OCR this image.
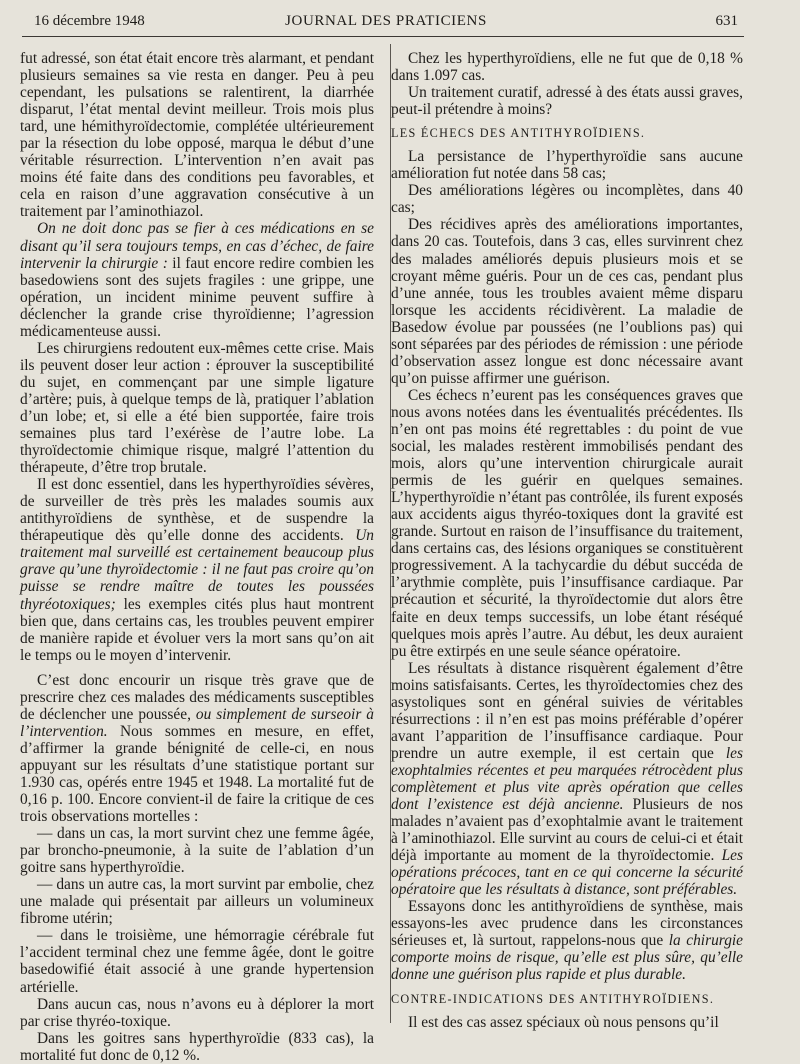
16 décembre 1948	JOURNAL DES PRATICIENS	631

fut adressé, son état était encore très alarmant, et pendant plusieurs semaines sa vie resta en danger. Peu à peu cependant, les pulsations se ralentirent, la diarrhée disparut, l’état mental devint meilleur. Trois mois plus tard, une hémithyroïdectomie, complétée ultérieurement par la résection du lobe opposé, marqua le début d’une véritable résurrection. L’intervention n’en avait pas moins été faite dans des conditions peu favorables, et cela en raison d’une aggravation consécutive à un traitement par l’aminothiazol.

On ne doit donc pas se fier à ces médications en se disant qu’il sera toujours temps, en cas d’échec, de faire intervenir la chirurgie : il faut encore redire combien les basedowiens sont des sujets fragiles : une grippe, une opération, un incident minime peuvent suffire à déclencher la grande crise thyroïdienne; l’agression médicamenteuse aussi.

Les chirurgiens redoutent eux-mêmes cette crise. Mais ils peuvent doser leur action : éprouver la susceptibilité du sujet, en commençant par une simple ligature d’artère; puis, à quelque temps de là, pratiquer l’ablation d’un lobe; et, si elle a été bien supportée, faire trois semaines plus tard l’exérèse de l’autre lobe. La thyroïdectomie chimique risque, malgré l’attention du thérapeute, d’être trop brutale.

Il est donc essentiel, dans les hyperthyroïdies sévères, de surveiller de très près les malades soumis aux antithyroïdiens de synthèse, et de suspendre la thérapeutique dès qu’elle donne des accidents. Un traitement mal surveillé est certainement beaucoup plus grave qu’une thyroïdectomie : il ne faut pas croire qu’on puisse se rendre maître de toutes les poussées thyréotoxiques; les exemples cités plus haut montrent bien que, dans certains cas, les troubles peuvent empirer de manière rapide et évoluer vers la mort sans qu’on ait le temps ou le moyen d’intervenir.

C’est donc encourir un risque très grave que de prescrire chez ces malades des médicaments susceptibles de déclencher une poussée, ou simplement de surseoir à l’intervention. Nous sommes en mesure, en effet, d’affirmer la grande bénignité de celle-ci, en nous appuyant sur les résultats d’une statistique portant sur 1.930 cas, opérés entre 1945 et 1948. La mortalité fut de 0,16 p. 100. Encore convient-il de faire la critique de ces trois observations mortelles :

— dans un cas, la mort survint chez une femme âgée, par broncho-pneumonie, à la suite de l’ablation d’un goitre sans hyperthyroïdie.

— dans un autre cas, la mort survint par embolie, chez une malade qui présentait par ailleurs un volumineux fibrome utérin;

— dans le troisième, une hémorragie cérébrale fut l’accident terminal chez une femme âgée, dont le goitre basedowifié était associé à une grande hypertension artérielle.

Dans aucun cas, nous n’avons eu à déplorer la mort par crise thyréo-toxique.

Dans les goitres sans hyperthyroïdie (833 cas), la mortalité fut donc de 0,12 %.

Chez les hyperthyroïdiens, elle ne fut que de 0,18 % dans 1.097 cas.

Un traitement curatif, adressé à des états aussi graves, peut-il prétendre à moins?

LES ÉCHECS DES ANTITHYROÏDIENS.

La persistance de l’hyperthyroïdie sans aucune amélioration fut notée dans 58 cas;

Des améliorations légères ou incomplètes, dans 40 cas;

Des récidives après des améliorations importantes, dans 20 cas. Toutefois, dans 3 cas, elles survinrent chez des malades améliorés depuis plusieurs mois et se croyant même guéris. Pour un de ces cas, pendant plus d’une année, tous les troubles avaient même disparu lorsque les accidents récidivèrent. La maladie de Basedow évolue par poussées (ne l’oublions pas) qui sont séparées par des périodes de rémission : une période d’observation assez longue est donc nécessaire avant qu’on puisse affirmer une guérison.

Ces échecs n’eurent pas les conséquences graves que nous avons notées dans les éventualités précédentes. Ils n’en ont pas moins été regrettables : du point de vue social, les malades restèrent immobilisés pendant des mois, alors qu’une intervention chirurgicale aurait permis de les guérir en quelques semaines. L’hyperthyroïdie n’étant pas contrôlée, ils furent exposés aux accidents aigus thyréo-toxiques dont la gravité est grande. Surtout en raison de l’insuffisance du traitement, dans certains cas, des lésions organiques se constituèrent progressivement. A la tachycardie du début succéda de l’arythmie complète, puis l’insuffisance cardiaque. Par précaution et sécurité, la thyroïdectomie dut alors être faite en deux temps successifs, un lobe étant réséqué quelques mois après l’autre. Au début, les deux auraient pu être extirpés en une seule séance opératoire.

Les résultats à distance risquèrent également d’être moins satisfaisants. Certes, les thyroïdectomies chez des asystoliques sont en général suivies de véritables résurrections : il n’en est pas moins préférable d’opérer avant l’apparition de l’insuffisance cardiaque. Pour prendre un autre exemple, il est certain que les exophtalmies récentes et peu marquées rétrocèdent plus complètement et plus vite après opération que celles dont l’existence est déjà ancienne. Plusieurs de nos malades n’avaient pas d’exophtalmie avant le traitement à l’aminothiazol. Elle survint au cours de celui-ci et était déjà importante au moment de la thyroïdectomie. Les opérations précoces, tant en ce qui concerne la sécurité opératoire que les résultats à distance, sont préférables.

Essayons donc les antithyroïdiens de synthèse, mais essayons-les avec prudence dans les circonstances sérieuses et, là surtout, rappelons-nous que la chirurgie comporte moins de risque, qu’elle est plus sûre, qu’elle donne une guérison plus rapide et plus durable.

CONTRE-INDICATIONS DES ANTITHYROÏDIENS.

Il est des cas assez spéciaux où nous pensons qu’il
